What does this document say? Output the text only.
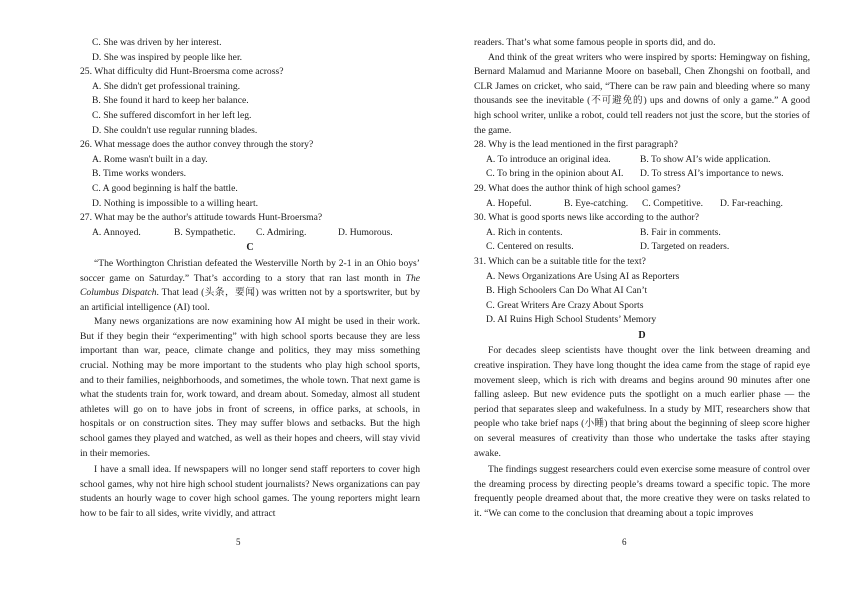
C. She was driven by her interest.
D. She was inspired by people like her.
25. What difficulty did Hunt-Broersma come across?
A. She didn't get professional training.
B. She found it hard to keep her balance.
C. She suffered discomfort in her left leg.
D. She couldn't use regular running blades.
26. What message does the author convey through the story?
A. Rome wasn't built in a day.
B. Time works wonders.
C. A good beginning is half the battle.
D. Nothing is impossible to a willing heart.
27. What may be the author's attitude towards Hunt-Broersma?
A. Annoyed.	B. Sympathetic.	C. Admiring.	D. Humorous.
C

“The Worthington Christian defeated the Westerville North by 2-1 in an Ohio boys’ soccer game on Saturday.” That’s according to a story that ran last month in The Columbus Dispatch. That lead (头条，要闻) was written not by a sportswriter, but by an artificial intelligence (AI) tool.

Many news organizations are now examining how AI might be used in their work. But if they begin their “experimenting” with high school sports because they are less important than war, peace, climate change and politics, they may miss something crucial. Nothing may be more important to the students who play high school sports, and to their families, neighborhoods, and sometimes, the whole town. That next game is what the students train for, work toward, and dream about. Someday, almost all student athletes will go on to have jobs in front of screens, in office parks, at schools, in hospitals or on construction sites. They may suffer blows and setbacks. But the high school games they played and watched, as well as their hopes and cheers, will stay vivid in their memories.

I have a small idea. If newspapers will no longer send staff reporters to cover high school games, why not hire high school student journalists? News organizations can pay students an hourly wage to cover high school games. The young reporters might learn how to be fair to all sides, write vividly, and attract

5

readers. That’s what some famous people in sports did, and do.

And think of the great writers who were inspired by sports: Hemingway on fishing, Bernard Malamud and Marianne Moore on baseball, Chen Zhongshi on football, and CLR James on cricket, who said, “There can be raw pain and bleeding where so many thousands see the inevitable (不可避免的) ups and downs of only a game.” A good high school writer, unlike a robot, could tell readers not just the score, but the stories of the game.

28. Why is the lead mentioned in the first paragraph?
A. To introduce an original idea.	B. To show AI’s wide application.
C. To bring in the opinion about AI.	D. To stress AI’s importance to news.
29. What does the author think of high school games?
A. Hopeful.	B. Eye-catching.	C. Competitive.	D. Far-reaching.
30. What is good sports news like according to the author?
A. Rich in contents.	B. Fair in comments.
C. Centered on results.	D. Targeted on readers.
31. Which can be a suitable title for the text?
A. News Organizations Are Using AI as Reporters
B. High Schoolers Can Do What AI Can’t
C. Great Writers Are Crazy About Sports
D. AI Ruins High School Students’ Memory
D

For decades sleep scientists have thought over the link between dreaming and creative inspiration. They have long thought the idea came from the stage of rapid eye movement sleep, which is rich with dreams and begins around 90 minutes after one falling asleep. But new evidence puts the spotlight on a much earlier phase — the period that separates sleep and wakefulness. In a study by MIT, researchers show that people who take brief naps (小睡) that bring about the beginning of sleep score higher on several measures of creativity than those who undertake the tasks after staying awake.

The findings suggest researchers could even exercise some measure of control over the dreaming process by directing people’s dreams toward a specific topic. The more frequently people dreamed about that, the more creative they were on tasks related to it. “We can come to the conclusion that dreaming about a topic improves

6
